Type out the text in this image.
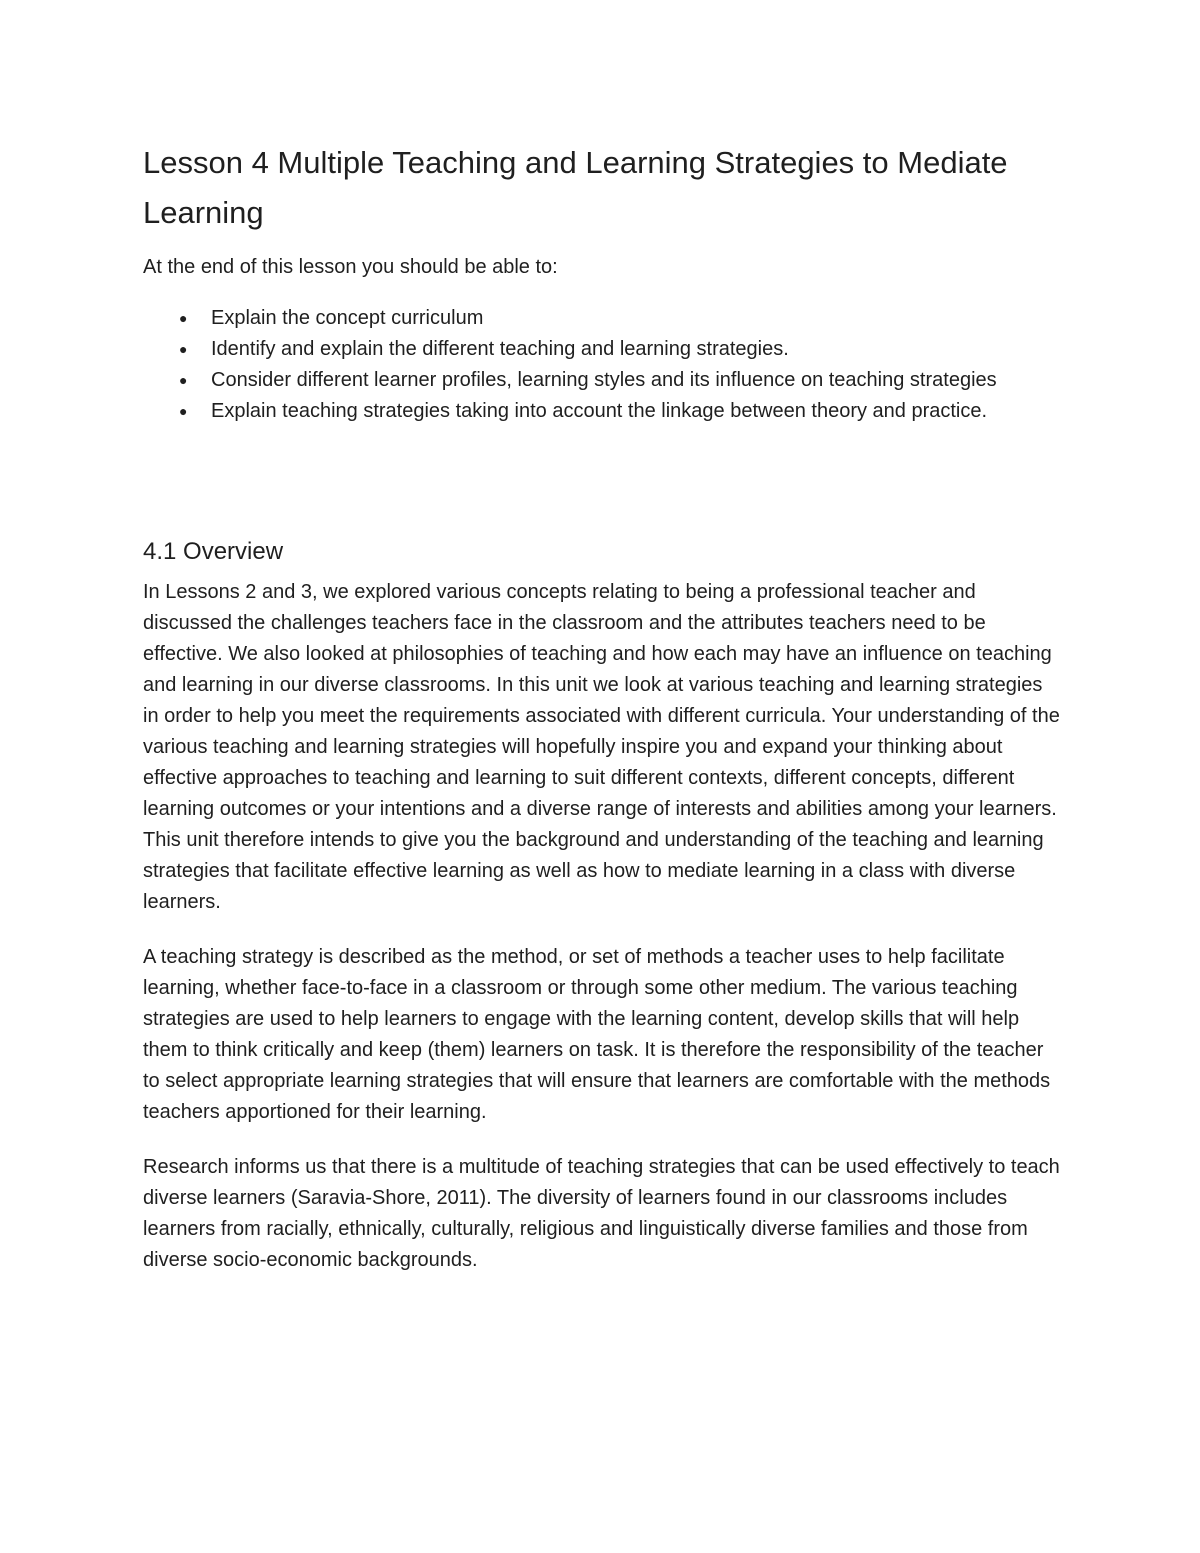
Lesson 4 Multiple Teaching and Learning Strategies to Mediate Learning

At the end of this lesson you should be able to:

● Explain the concept curriculum
● Identify and explain the different teaching and learning strategies.
● Consider different learner profiles, learning styles and its influence on teaching strategies
● Explain teaching strategies taking into account the linkage between theory and practice.
4.1 Overview

In Lessons 2 and 3, we explored various concepts relating to being a professional teacher and discussed the challenges teachers face in the classroom and the attributes teachers need to be effective. We also looked at philosophies of teaching and how each may have an influence on teaching and learning in our diverse classrooms. In this unit we look at various teaching and learning strategies in order to help you meet the requirements associated with different curricula. Your understanding of the various teaching and learning strategies will hopefully inspire you and expand your thinking about effective approaches to teaching and learning to suit different contexts, different concepts, different learning outcomes or your intentions and a diverse range of interests and abilities among your learners. This unit therefore intends to give you the background and understanding of the teaching and learning strategies that facilitate effective learning as well as how to mediate learning in a class with diverse learners.

A teaching strategy is described as the method, or set of methods a teacher uses to help facilitate learning, whether face-to-face in a classroom or through some other medium. The various teaching strategies are used to help learners to engage with the learning content, develop skills that will help them to think critically and keep (them) learners on task. It is therefore the responsibility of the teacher to select appropriate learning strategies that will ensure that learners are comfortable with the methods teachers apportioned for their learning.

Research informs us that there is a multitude of teaching strategies that can be used effectively to teach diverse learners (Saravia-Shore, 2011). The diversity of learners found in our classrooms includes learners from racially, ethnically, culturally, religious and linguistically diverse families and those from diverse socio-economic backgrounds.
